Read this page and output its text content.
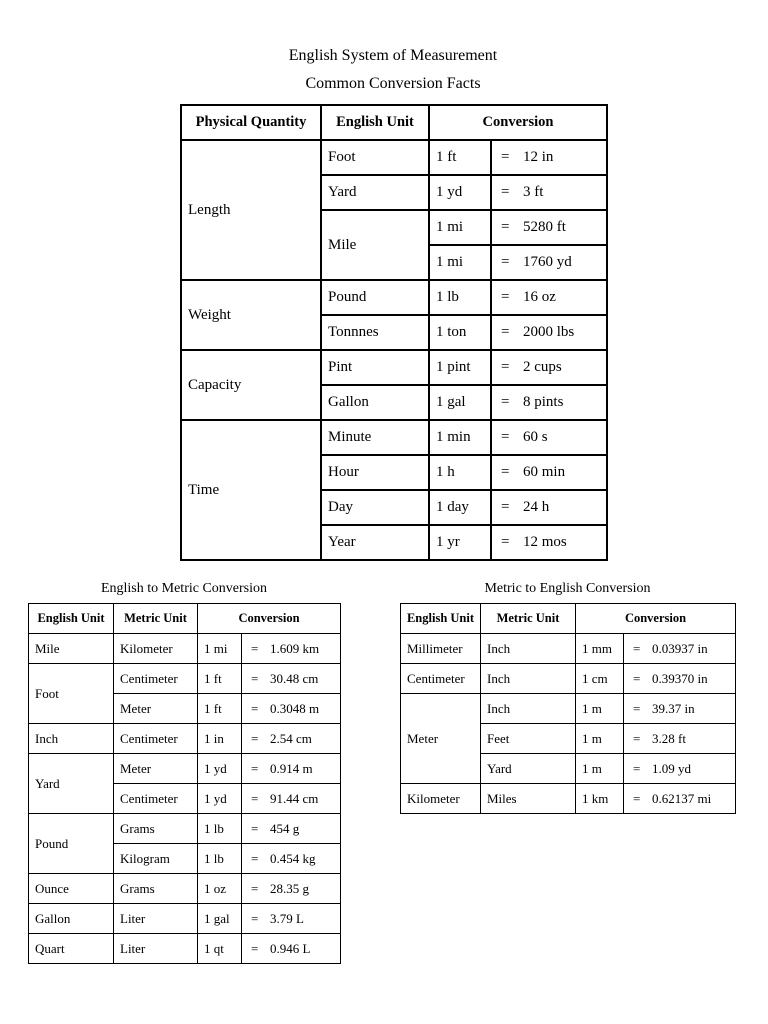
English System of Measurement
Common Conversion Facts
Physical Quantity	English Unit	Conversion	
Length	Foot	1 ft	= 12 in
	Yard	1 yd	= 3 ft
	Mile	1 mi	= 5280 ft
		1 mi	= 1760 yd
Weight	Pound	1 lb	= 16 oz
	Tonnnes	1 ton	= 2000 lbs
Capacity	Pint	1 pint	= 2 cups
	Gallon	1 gal	= 8 pints
Time	Minute	1 min	= 60 s
	Hour	1 h	= 60 min
	Day	1 day	= 24 h
	Year	1 yr	= 12 mos
English to Metric Conversion
English Unit	Metric Unit	Conversion	
Mile	Kilometer	1 mi	= 1.609 km
Foot	Centimeter	1 ft	= 30.48 cm
	Meter	1 ft	= 0.3048 m
Inch	Centimeter	1 in	= 2.54 cm
Yard	Meter	1 yd	= 0.914 m
	Centimeter	1 yd	= 91.44 cm
Pound	Grams	1 lb	= 454 g
	Kilogram	1 lb	= 0.454 kg
Ounce	Grams	1 oz	= 28.35 g
Gallon	Liter	1 gal	= 3.79 L
Quart	Liter	1 qt	= 0.946 L
Metric to English Conversion
English Unit	Metric Unit	Conversion	
Millimeter	Inch	1 mm	= 0.03937 in
Centimeter	Inch	1 cm	= 0.39370 in
Meter	Inch	1 m	= 39.37 in
	Feet	1 m	= 3.28 ft
	Yard	1 m	= 1.09 yd
Kilometer	Miles	1 km	= 0.62137 mi
